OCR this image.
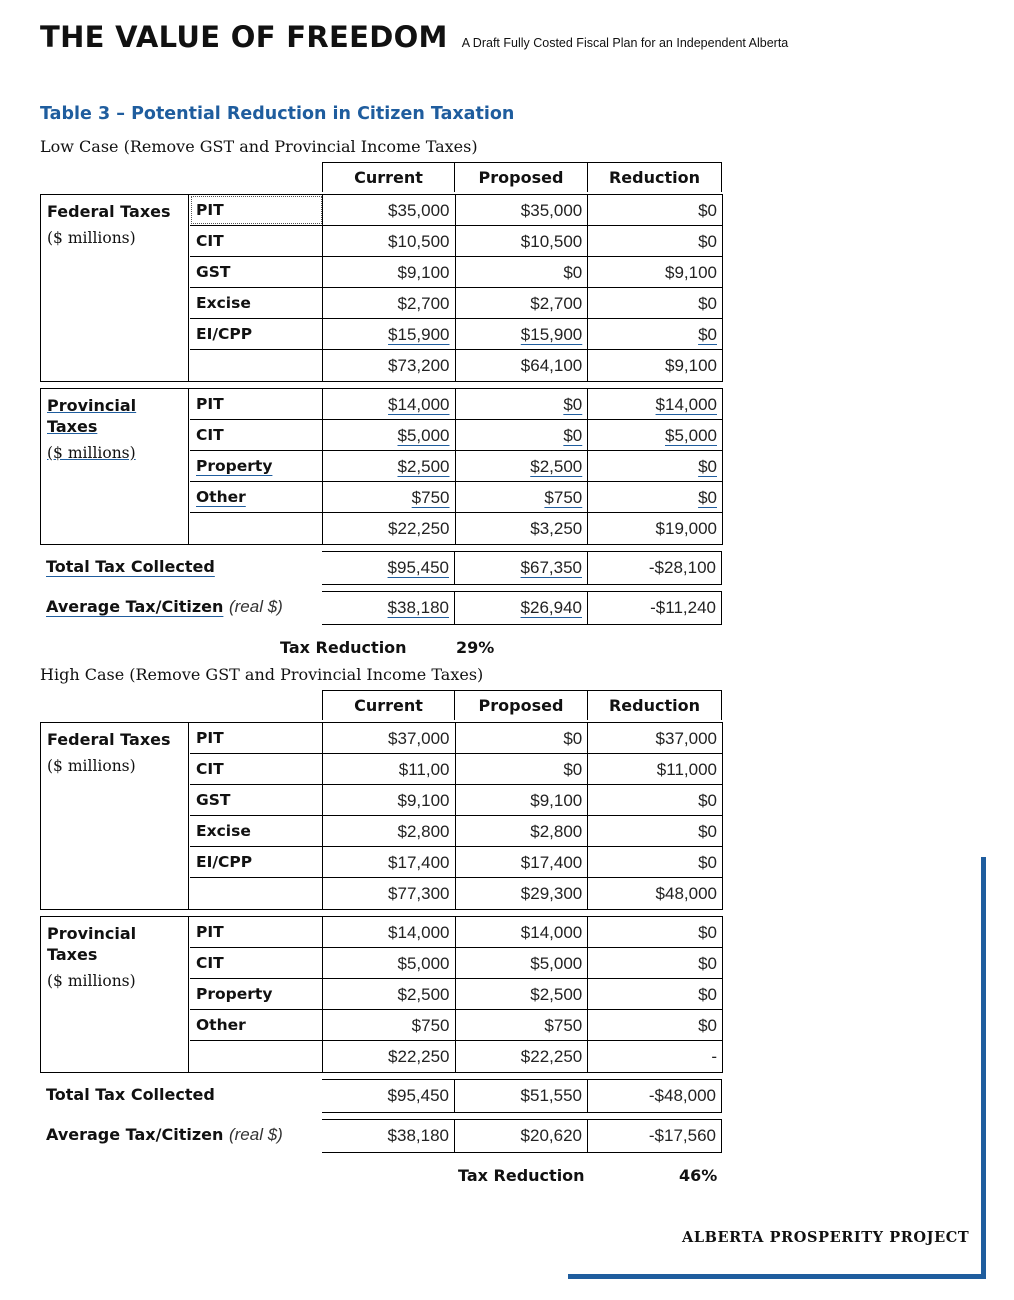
THE VALUE OF FREEDOM A Draft Fully Costed Fiscal Plan for an Independent Alberta
Table 3 – Potential Reduction in Citizen Taxation
Low Case (Remove GST and Provincial Income Taxes)
Current	Proposed	Reduction
Federal Taxes
($ millions)
PIT	$35,000	$35,000	$0
CIT	$10,500	$10,500	$0
GST	$9,100	$0	$9,100
Excise	$2,700	$2,700	$0
EI/CPP	$15,900	$15,900	$0
$73,200	$64,100	$9,100
Provincial Taxes
($ millions)
PIT	$14,000	$0	$14,000
CIT	$5,000	$0	$5,000
Property	$2,500	$2,500	$0
Other	$750	$750	$0
$22,250	$3,250	$19,000
Total Tax Collected	$95,450	$67,350	-$28,100
Average Tax/Citizen (real $)	$38,180	$26,940	-$11,240
Tax Reduction	29%
High Case (Remove GST and Provincial Income Taxes)
Current	Proposed	Reduction
Federal Taxes
($ millions)
PIT	$37,000	$0	$37,000
CIT	$11,00	$0	$11,000
GST	$9,100	$9,100	$0
Excise	$2,800	$2,800	$0
EI/CPP	$17,400	$17,400	$0
$77,300	$29,300	$48,000
Provincial Taxes
($ millions)
PIT	$14,000	$14,000	$0
CIT	$5,000	$5,000	$0
Property	$2,500	$2,500	$0
Other	$750	$750	$0
$22,250	$22,250	-
Total Tax Collected	$95,450	$51,550	-$48,000
Average Tax/Citizen (real $)	$38,180	$20,620	-$17,560
Tax Reduction	46%
ALBERTA PROSPERITY PROJECT
